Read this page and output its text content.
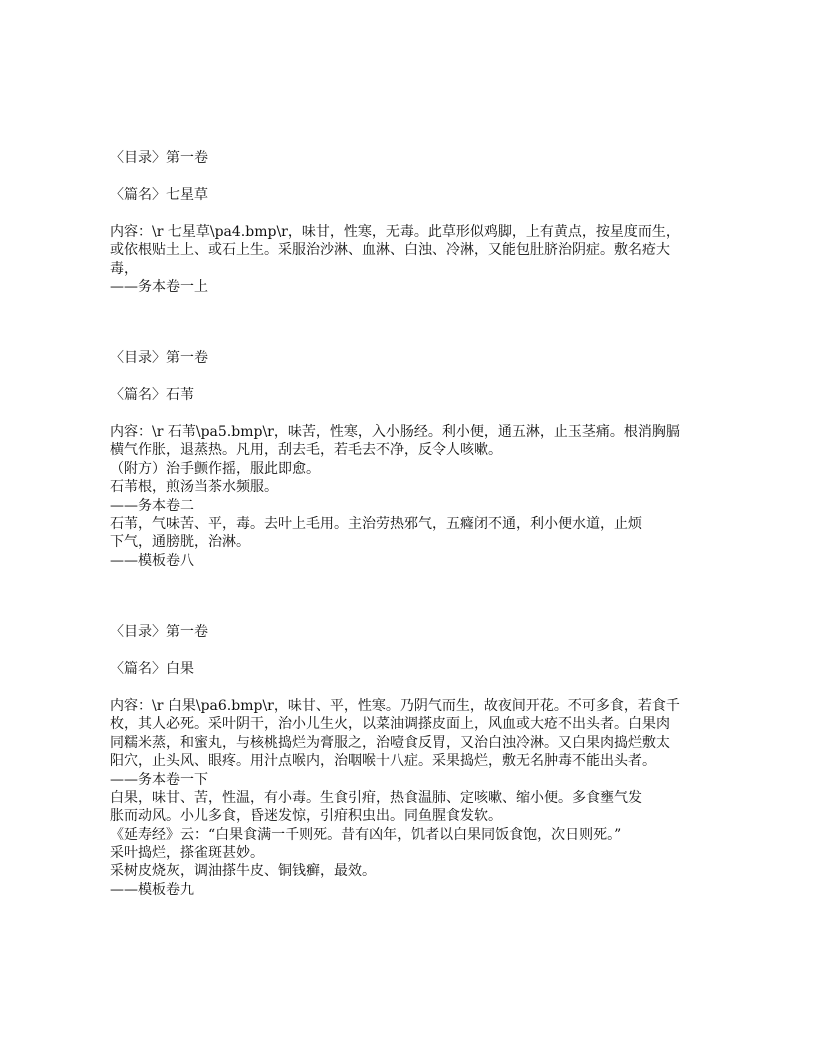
〈目录〉第一卷
〈篇名〉七星草
内容：\r 七星草\pa4.bmp\r，味甘，性寒，无毒。此草形似鸡脚，上有黄点，按星度而生，
或依根贴土上、或石上生。采服治沙淋、血淋、白浊、冷淋，又能包肚脐治阴症。敷名疮大
毒，
——务本卷一上
〈目录〉第一卷
〈篇名〉石苇
内容：\r 石苇\pa5.bmp\r，味苦，性寒，入小肠经。利小便，通五淋，止玉茎痛。根消胸膈
横气作胀，退蒸热。凡用，刮去毛，若毛去不净，反令人咳嗽。
（附方）治手颤作摇，服此即愈。
石苇根，煎汤当茶水频服。
——务本卷二
石苇，气味苦、平，毒。去叶上毛用。主治劳热邪气，五癃闭不通，利小便水道，止烦
下气，通膀胱，治淋。
——模板卷八
〈目录〉第一卷
〈篇名〉白果
内容：\r 白果\pa6.bmp\r，味甘、平，性寒。乃阴气而生，故夜间开花。不可多食，若食千
枚，其人必死。采叶阴干，治小儿生火，以菜油调搽皮面上，风血或大疮不出头者。白果肉
同糯米蒸，和蜜丸，与核桃捣烂为膏服之，治噎食反胃，又治白浊冷淋。又白果肉捣烂敷太
阳穴，止头风、眼疼。用汁点喉内，治咽喉十八症。采果捣烂，敷无名肿毒不能出头者。
——务本卷一下
白果，味甘、苦，性温，有小毒。生食引疳，热食温肺、定咳嗽、缩小便。多食壅气发
胀而动风。小儿多食，昏迷发惊，引疳积虫出。同鱼腥食发软。
《延寿经》云：“白果食满一千则死。昔有凶年，饥者以白果同饭食饱，次日则死。”
采叶捣烂，搽雀斑甚妙。
采树皮烧灰，调油搽牛皮、铜钱癣，最效。
——模板卷九
